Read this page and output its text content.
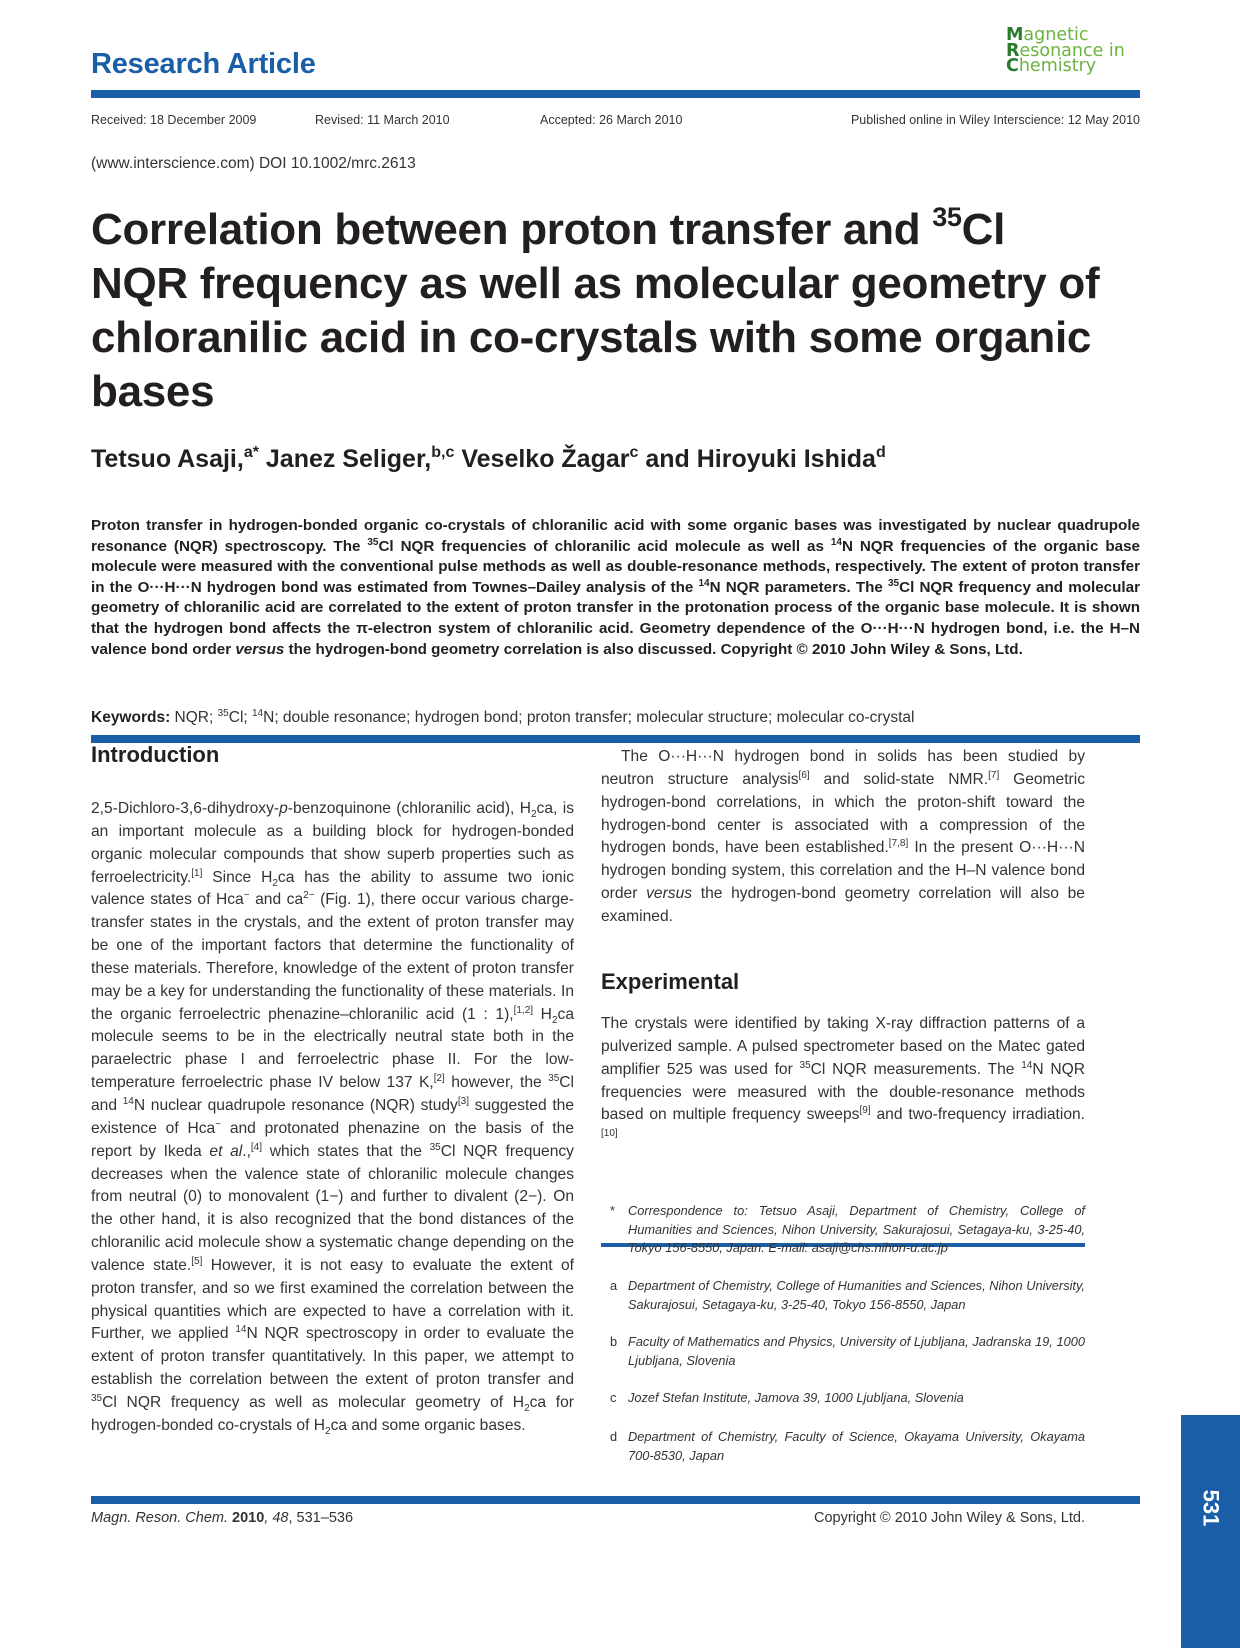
Research Article
Magnetic
Resonance in
Chemistry
Received: 18 December 2009	Revised: 11 March 2010	Accepted: 26 March 2010	Published online in Wiley Interscience: 12 May 2010
(www.interscience.com) DOI 10.1002/mrc.2613
Correlation between proton transfer and $^{35}$Cl NQR frequency as well as molecular geometry of chloranilic acid in co-crystals with some organic bases
Tetsuo Asaji,$^{a*}$ Janez Seliger,$^{b,c}$ Veselko Žagar$^c$ and Hiroyuki Ishida$^d$
Proton transfer in hydrogen-bonded organic co-crystals of chloranilic acid with some organic bases was investigated by nuclear quadrupole resonance (NQR) spectroscopy. The $^{35}$Cl NQR frequencies of chloranilic acid molecule as well as $^{14}$N NQR frequencies of the organic base molecule were measured with the conventional pulse methods as well as double-resonance methods, respectively. The extent of proton transfer in the O···H···N hydrogen bond was estimated from Townes–Dailey analysis of the $^{14}$N NQR parameters. The $^{35}$Cl NQR frequency and molecular geometry of chloranilic acid are correlated to the extent of proton transfer in the protonation process of the organic base molecule. It is shown that the hydrogen bond affects the π-electron system of chloranilic acid. Geometry dependence of the O···H···N hydrogen bond, i.e. the H–N valence bond order versus the hydrogen-bond geometry correlation is also discussed. Copyright © 2010 John Wiley & Sons, Ltd.
Keywords: NQR; $^{35}$Cl; $^{14}$N; double resonance; hydrogen bond; proton transfer; molecular structure; molecular co-crystal
Introduction
2,5-Dichloro-3,6-dihydroxy-p-benzoquinone (chloranilic acid), $H_2ca$, is an important molecule as a building block for hydrogen-bonded organic molecular compounds that show superb properties such as ferroelectricity.[1] Since $H_2ca$ has the ability to assume two ionic valence states of Hca− and $ca^{2-}$ (Fig. 1), there occur various charge-transfer states in the crystals, and the extent of proton transfer may be one of the important factors that determine the functionality of these materials. Therefore, knowledge of the extent of proton transfer may be a key for understanding the functionality of these materials. In the organic ferroelectric phenazine–chloranilic acid (1 : 1),[1,2] $H_2ca$ molecule seems to be in the electrically neutral state both in the paraelectric phase I and ferroelectric phase II. For the low-temperature ferroelectric phase IV below 137 K,[2] however, the $^{35}$Cl and $^{14}$N nuclear quadrupole resonance (NQR) study[3] suggested the existence of Hca− and protonated phenazine on the basis of the report by Ikeda et al.,[4] which states that the $^{35}$Cl NQR frequency decreases when the valence state of chloranilic molecule changes from neutral (0) to monovalent (1−) and further to divalent (2−). On the other hand, it is also recognized that the bond distances of the chloranilic acid molecule show a systematic change depending on the valence state.[5] However, it is not easy to evaluate the extent of proton transfer, and so we first examined the correlation between the physical quantities which are expected to have a correlation with it. Further, we applied $^{14}$N NQR spectroscopy in order to evaluate the extent of proton transfer quantitatively. In this paper, we attempt to establish the correlation between the extent of proton transfer and $^{35}$Cl NQR frequency as well as molecular geometry of $H_2ca$ for hydrogen-bonded co-crystals of $H_2ca$ and some organic bases.
The O···H···N hydrogen bond in solids has been studied by neutron structure analysis[6] and solid-state NMR.[7] Geometric hydrogen-bond correlations, in which the proton-shift toward the hydrogen-bond center is associated with a compression of the hydrogen bonds, have been established.[7,8] In the present O···H···N hydrogen bonding system, this correlation and the H–N valence bond order versus the hydrogen-bond geometry correlation will also be examined.
Experimental
The crystals were identified by taking X-ray diffraction patterns of a pulverized sample. A pulsed spectrometer based on the Matec gated amplifier 525 was used for $^{35}$Cl NQR measurements. The $^{14}$N NQR frequencies were measured with the double-resonance methods based on multiple frequency sweeps[9] and two-frequency irradiation.[10]
* Correspondence to: Tetsuo Asaji, Department of Chemistry, College of Humanities and Sciences, Nihon University, Sakurajosui, Setagaya-ku, 3-25-40, Tokyo 156-8550, Japan. E-mail: asaji@chs.nihon-u.ac.jp
a Department of Chemistry, College of Humanities and Sciences, Nihon University, Sakurajosui, Setagaya-ku, 3-25-40, Tokyo 156-8550, Japan
b Faculty of Mathematics and Physics, University of Ljubljana, Jadranska 19, 1000 Ljubljana, Slovenia
c Jozef Stefan Institute, Jamova 39, 1000 Ljubljana, Slovenia
d Department of Chemistry, Faculty of Science, Okayama University, Okayama 700-8530, Japan
531
Magn. Reson. Chem. 2010, 48, 531–536	Copyright © 2010 John Wiley & Sons, Ltd.
